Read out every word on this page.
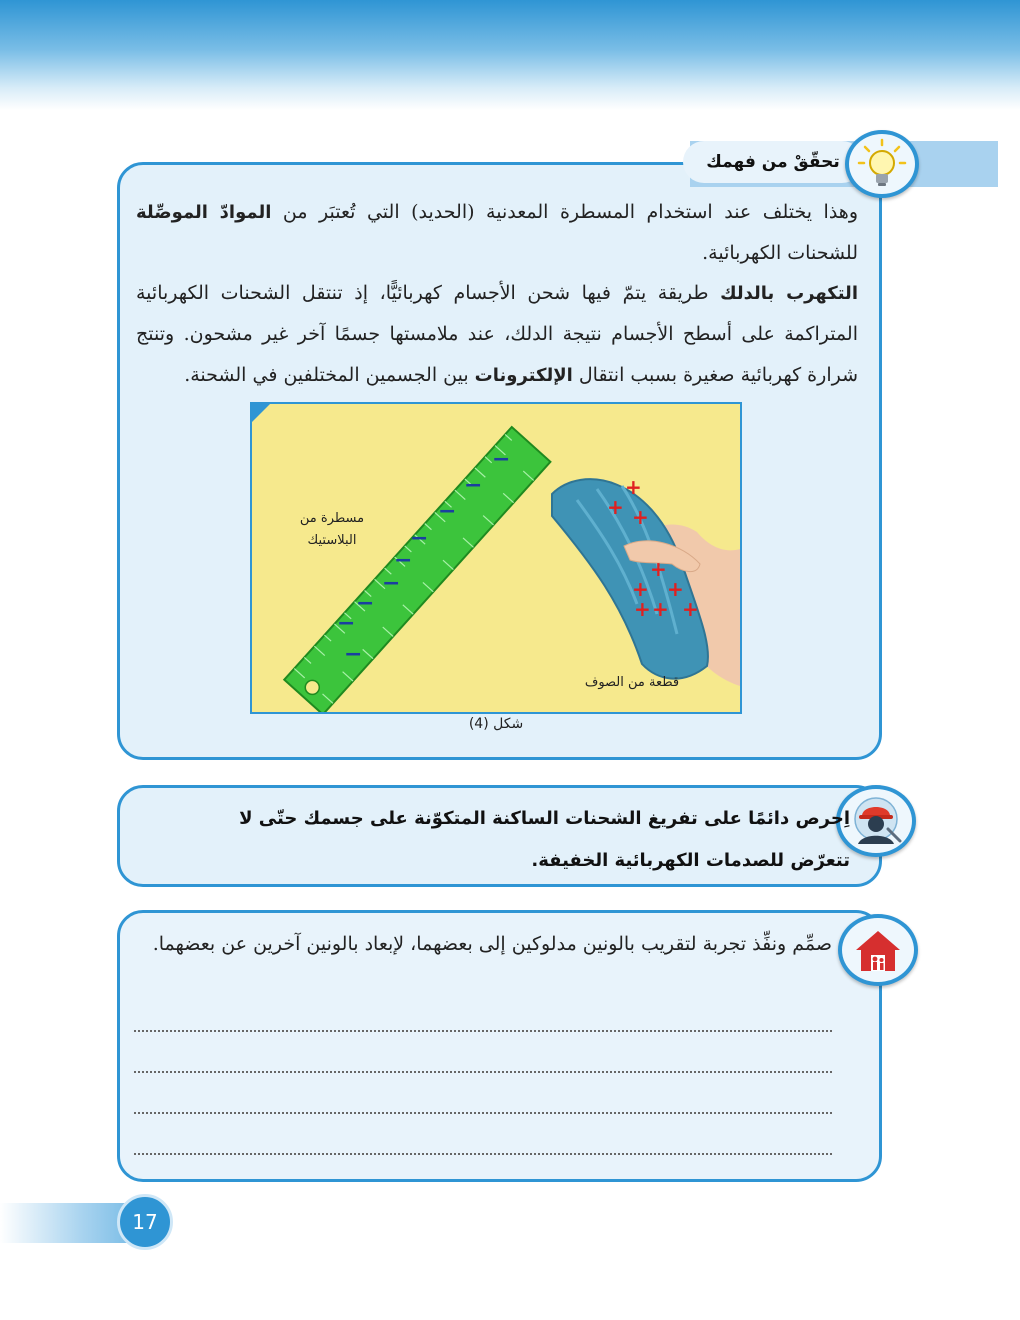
تحقّقْ من فهمك

وهذا يختلف عند استخدام المسطرة المعدنية (الحديد) التي تُعتبَر من الموادّ الموصِّلة للشحنات الكهربائية.

التكهرب بالدلك طريقة يتمّ فيها شحن الأجسام كهربائيًّا، إذ تنتقل الشحنات الكهربائية المتراكمة على أسطح الأجسام نتيجة الدلك، عند ملامستها جسمًا آخر غير مشحون. وتنتج شرارة كهربائية صغيرة بسبب انتقال الإلكترونات بين الجسمين المختلفين في الشحنة.

−
−
−
−
−
−
−
−
−
+
+ +
+
+ +
+ +
+
مسطرة من
البلاستيك
قطعة من الصوف
شكل (4)
اِحرص دائمًا على تفريغ الشحنات الساكنة المتكوّنة على جسمك حتّى لا
تتعرّض للصدمات الكهربائية الخفيفة.
صمِّم ونفِّذ تجربة لتقريب بالونين مدلوكين إلى بعضهما، لإبعاد بالونين آخرين عن بعضهما.
17
